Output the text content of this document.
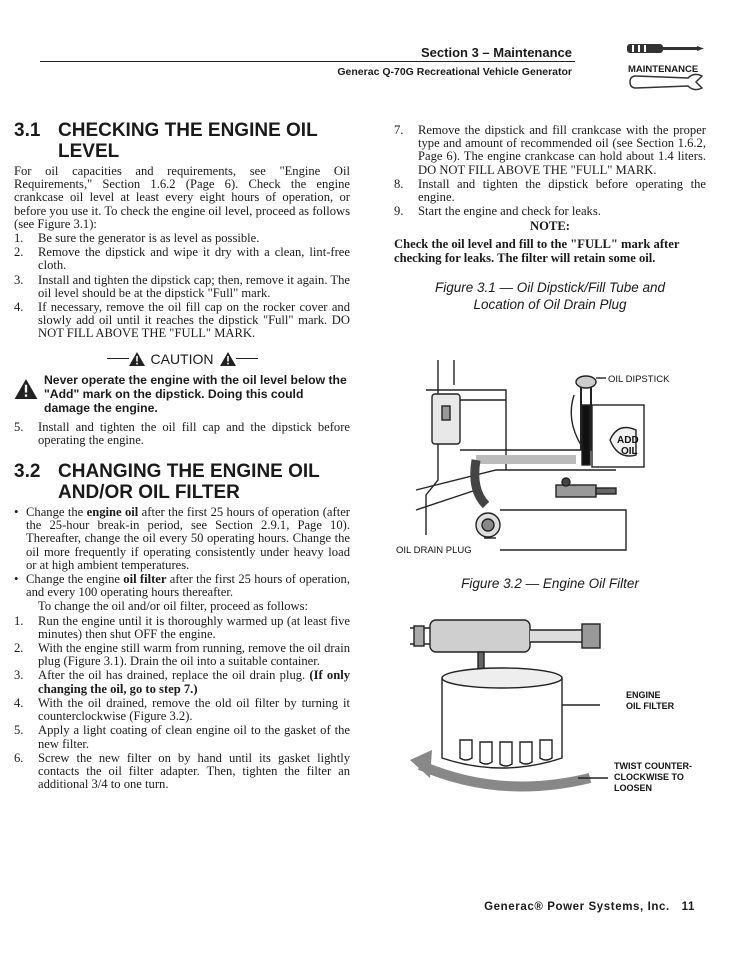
Section 3 – Maintenance
Generac Q-70G Recreational Vehicle Generator	MAINTENANCE
3.1 CHECKING THE ENGINE OIL LEVEL

For oil capacities and requirements, see "Engine Oil Requirements," Section 1.6.2 (Page 6). Check the engine crankcase oil level at least every eight hours of operation, or before you use it. To check the engine oil level, proceed as follows (see Figure 3.1):

1.	Be sure the generator is as level as possible.
2.	Remove the dipstick and wipe it dry with a clean, lint-free cloth.
3.	Install and tighten the dipstick cap; then, remove it again. The oil level should be at the dipstick "Full" mark.
4.	If necessary, remove the oil fill cap on the rocker cover and slowly add oil until it reaches the dipstick "Full" mark. DO NOT FILL ABOVE THE "FULL" MARK.
CAUTION
Never operate the engine with the oil level below the "Add" mark on the dipstick. Doing this could damage the engine.
5.	Install and tighten the oil fill cap and the dipstick before operating the engine.
3.2 CHANGING THE ENGINE OIL AND/OR OIL FILTER
• Change the engine oil after the first 25 hours of operation (after the 25-hour break-in period, see Section 2.9.1, Page 10). Thereafter, change the oil every 50 operating hours. Change the oil more frequently if operating consistently under heavy load or at high ambient temperatures.
• Change the engine oil filter after the first 25 hours of operation, and every 100 operating hours thereafter.

To change the oil and/or oil filter, proceed as follows:

1.	Run the engine until it is thoroughly warmed up (at least five minutes) then shut OFF the engine.
2.	With the engine still warm from running, remove the oil drain plug (Figure 3.1). Drain the oil into a suitable container.
3.	After the oil has drained, replace the oil drain plug. (If only changing the oil, go to step 7.)
4.	With the oil drained, remove the old oil filter by turning it counterclockwise (Figure 3.2).
5.	Apply a light coating of clean engine oil to the gasket of the new filter.
6.	Screw the new filter on by hand until its gasket lightly contacts the oil filter adapter. Then, tighten the filter an additional 3/4 to one turn.
7.	Remove the dipstick and fill crankcase with the proper type and amount of recommended oil (see Section 1.6.2, Page 6). The engine crankcase can hold about 1.4 liters. DO NOT FILL ABOVE THE "FULL" MARK.
8.	Install and tighten the dipstick before operating the engine.
9.	Start the engine and check for leaks.
NOTE:
Check the oil level and fill to the "FULL" mark after checking for leaks. The filter will retain some oil.

Figure 3.1 — Oil Dipstick/Fill Tube and

Location of Oil Drain Plug

OIL DIPSTICK
ADD
OIL
OIL DRAIN PLUG

Figure 3.2 — Engine Oil Filter

ENGINE
OIL FILTER
TWIST COUNTER-
CLOCKWISE TO
LOOSEN
Generac® Power Systems, Inc. 11
